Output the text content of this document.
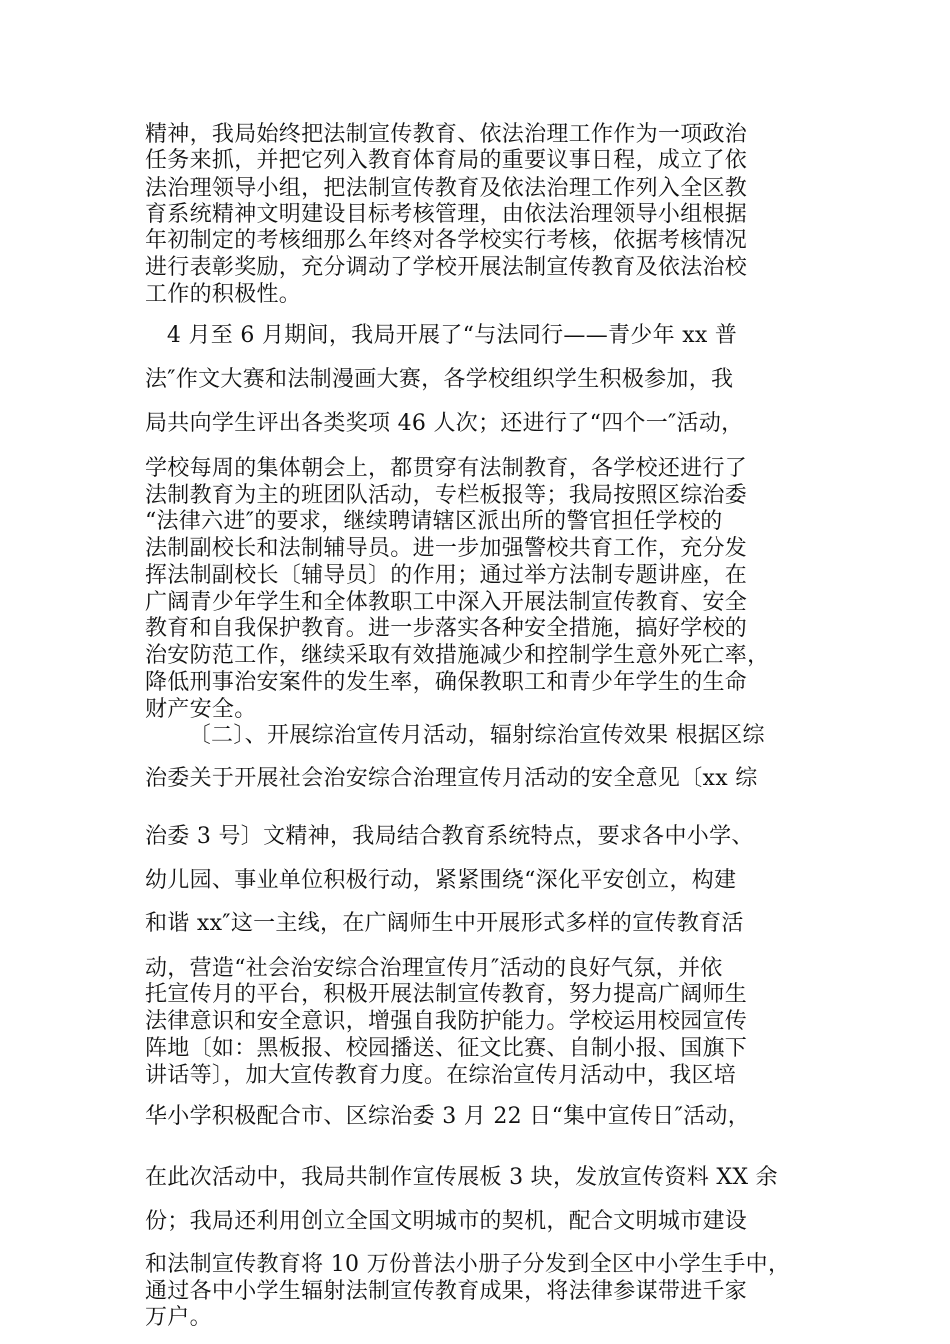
精神，我局始终把法制宣传教育、依法治理工作作为一项政治
任务来抓，并把它列入教育体育局的重要议事日程，成立了依
法治理领导小组，把法制宣传教育及依法治理工作列入全区教
育系统精神文明建设目标考核管理，由依法治理领导小组根据
年初制定的考核细那么年终对各学校实行考核，依据考核情况
进行表彰奖励，充分调动了学校开展法制宣传教育及依法治校
工作的积极性。
4 月至 6 月期间，我局开展了“与法同行——青少年 xx 普
法″作文大赛和法制漫画大赛，各学校组织学生积极参加，我
局共向学生评出各类奖项 46 人次；还进行了“四个一″活动，
学校每周的集体朝会上，都贯穿有法制教育，各学校还进行了
法制教育为主的班团队活动，专栏板报等；我局按照区综治委
“法律六进″的要求，继续聘请辖区派出所的警官担任学校的
法制副校长和法制辅导员。进一步加强警校共育工作，充分发
挥法制副校长〔辅导员〕的作用；通过举方法制专题讲座，在
广阔青少年学生和全体教职工中深入开展法制宣传教育、安全
教育和自我保护教育。进一步落实各种安全措施，搞好学校的
治安防范工作，继续采取有效措施减少和控制学生意外死亡率，
降低刑事治安案件的发生率，确保教职工和青少年学生的生命
财产安全。
〔二〕、开展综治宣传月活动，辐射综治宣传效果 根据区综
治委关于开展社会治安综合治理宣传月活动的安全意见〔xx 综
治委 3 号〕文精神，我局结合教育系统特点，要求各中小学、
幼儿园、事业单位积极行动，紧紧围绕“深化平安创立，构建
和谐 xx″这一主线，在广阔师生中开展形式多样的宣传教育活
动，营造“社会治安综合治理宣传月″活动的良好气氛，并依
托宣传月的平台，积极开展法制宣传教育，努力提高广阔师生
法律意识和安全意识，增强自我防护能力。学校运用校园宣传
阵地〔如：黑板报、校园播送、征文比赛、自制小报、国旗下
讲话等〕，加大宣传教育力度。在综治宣传月活动中，我区培
华小学积极配合市、区综治委 3 月 22 日“集中宣传日″活动，
在此次活动中，我局共制作宣传展板 3 块，发放宣传资料 XX 余
份；我局还利用创立全国文明城市的契机，配合文明城市建设
和法制宣传教育将 10 万份普法小册子分发到全区中小学生手中，
通过各中小学生辐射法制宣传教育成果，将法律参谋带进千家
万户。
